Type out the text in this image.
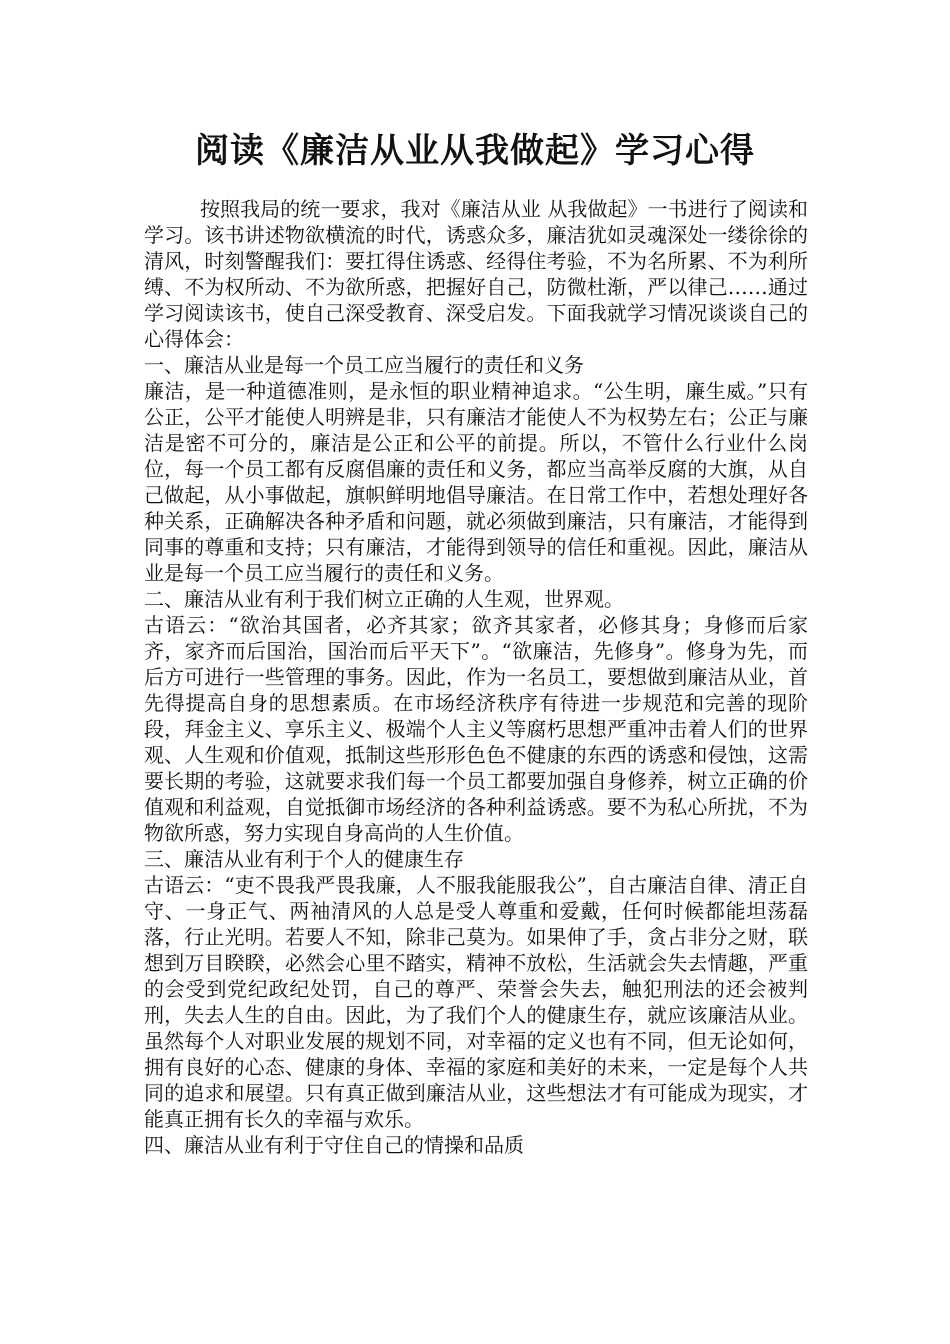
阅读《廉洁从业从我做起》学习心得

按照我局的统一要求，我对《廉洁从业 从我做起》一书进行了阅读和学习。该书讲述物欲横流的时代，诱惑众多，廉洁犹如灵魂深处一缕徐徐的清风，时刻警醒我们：要扛得住诱惑、经得住考验，不为名所累、不为利所缚、不为权所动、不为欲所惑，把握好自己，防微杜渐，严以律己……通过学习阅读该书，使自己深受教育、深受启发。下面我就学习情况谈谈自己的心得体会：

一、廉洁从业是每一个员工应当履行的责任和义务

廉洁，是一种道德准则，是永恒的职业精神追求。“公生明，廉生威。”只有公正，公平才能使人明辨是非，只有廉洁才能使人不为权势左右；公正与廉洁是密不可分的，廉洁是公正和公平的前提。所以，不管什么行业什么岗位，每一个员工都有反腐倡廉的责任和义务，都应当高举反腐的大旗，从自己做起，从小事做起，旗帜鲜明地倡导廉洁。在日常工作中，若想处理好各种关系，正确解决各种矛盾和问题，就必须做到廉洁，只有廉洁，才能得到同事的尊重和支持；只有廉洁，才能得到领导的信任和重视。因此，廉洁从业是每一个员工应当履行的责任和义务。

二、廉洁从业有利于我们树立正确的人生观，世界观。

古语云：“欲治其国者，必齐其家；欲齐其家者，必修其身；身修而后家齐，家齐而后国治，国治而后平天下”。“欲廉洁，先修身”。修身为先，而后方可进行一些管理的事务。因此，作为一名员工，要想做到廉洁从业，首先得提高自身的思想素质。在市场经济秩序有待进一步规范和完善的现阶段，拜金主义、享乐主义、极端个人主义等腐朽思想严重冲击着人们的世界观、人生观和价值观，抵制这些形形色色不健康的东西的诱惑和侵蚀，这需要长期的考验，这就要求我们每一个员工都要加强自身修养，树立正确的价值观和利益观，自觉抵御市场经济的各种利益诱惑。要不为私心所扰，不为物欲所惑，努力实现自身高尚的人生价值。

三、廉洁从业有利于个人的健康生存

古语云：“吏不畏我严畏我廉，人不服我能服我公”，自古廉洁自律、清正自守、一身正气、两袖清风的人总是受人尊重和爱戴，任何时候都能坦荡磊落，行止光明。若要人不知，除非己莫为。如果伸了手，贪占非分之财，联想到万目睽睽，必然会心里不踏实，精神不放松，生活就会失去情趣，严重的会受到党纪政纪处罚，自己的尊严、荣誉会失去，触犯刑法的还会被判刑，失去人生的自由。因此，为了我们个人的健康生存，就应该廉洁从业。虽然每个人对职业发展的规划不同，对幸福的定义也有不同，但无论如何，拥有良好的心态、健康的身体、幸福的家庭和美好的未来，一定是每个人共同的追求和展望。只有真正做到廉洁从业，这些想法才有可能成为现实，才能真正拥有长久的幸福与欢乐。

四、廉洁从业有利于守住自己的情操和品质
